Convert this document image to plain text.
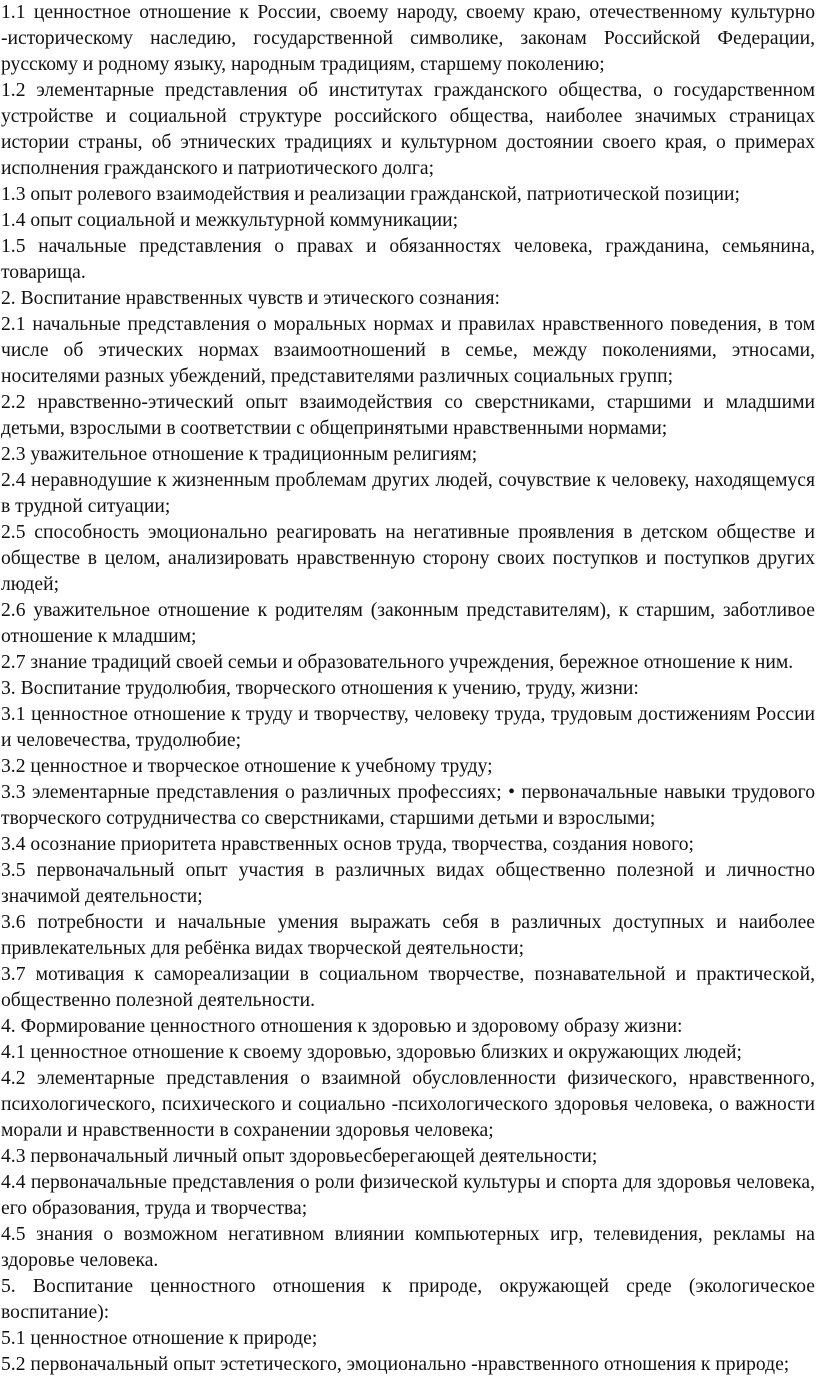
1.1 ценностное отношение к России, своему народу, своему краю, отечественному культурно -историческому наследию, государственной символике, законам Российской Федерации, русскому и родному языку, народным традициям, старшему поколению;

1.2 элементарные представления об институтах гражданского общества, о государственном устройстве и социальной структуре российского общества, наиболее значимых страницах истории страны, об этнических традициях и культурном достоянии своего края, о примерах исполнения гражданского и патриотического долга;

1.3 опыт ролевого взаимодействия и реализации гражданской, патриотической позиции;

1.4 опыт социальной и межкультурной коммуникации;

1.5 начальные представления о правах и обязанностях человека, гражданина, семьянина, товарища.

2. Воспитание нравственных чувств и этического сознания:

2.1 начальные представления о моральных нормах и правилах нравственного поведения, в том числе об этических нормах взаимоотношений в семье, между поколениями, этносами, носителями разных убеждений, представителями различных социальных групп;

2.2 нравственно-этический опыт взаимодействия со сверстниками, старшими и младшими детьми, взрослыми в соответствии с общепринятыми нравственными нормами;

2.3 уважительное отношение к традиционным религиям;

2.4 неравнодушие к жизненным проблемам других людей, сочувствие к человеку, находящемуся в трудной ситуации;

2.5 способность эмоционально реагировать на негативные проявления в детском обществе и обществе в целом, анализировать нравственную сторону своих поступков и поступков других людей;

2.6 уважительное отношение к родителям (законным представителям), к старшим, заботливое отношение к младшим;

2.7 знание традиций своей семьи и образовательного учреждения, бережное отношение к ним.

3. Воспитание трудолюбия, творческого отношения к учению, труду, жизни:

3.1 ценностное отношение к труду и творчеству, человеку труда, трудовым достижениям России и человечества, трудолюбие;

3.2 ценностное и творческое отношение к учебному труду;

3.3 элементарные представления о различных профессиях; • первоначальные навыки трудового творческого сотрудничества со сверстниками, старшими детьми и взрослыми;

3.4 осознание приоритета нравственных основ труда, творчества, создания нового;

3.5 первоначальный опыт участия в различных видах общественно полезной и личностно значимой деятельности;

3.6 потребности и начальные умения выражать себя в различных доступных и наиболее привлекательных для ребёнка видах творческой деятельности;

3.7 мотивация к самореализации в социальном творчестве, познавательной и практической, общественно полезной деятельности.

4. Формирование ценностного отношения к здоровью и здоровому образу жизни:

4.1 ценностное отношение к своему здоровью, здоровью близких и окружающих людей;

4.2 элементарные представления о взаимной обусловленности физического, нравственного, психологического, психического и социально -психологического здоровья человека, о важности морали и нравственности в сохранении здоровья человека;

4.3 первоначальный личный опыт здоровьесберегающей деятельности;

4.4 первоначальные представления о роли физической культуры и спорта для здоровья человека, его образования, труда и творчества;

4.5 знания о возможном негативном влиянии компьютерных игр, телевидения, рекламы на здоровье человека.

5. Воспитание ценностного отношения к природе, окружающей среде (экологическое воспитание):

5.1 ценностное отношение к природе;

5.2 первоначальный опыт эстетического, эмоционально -нравственного отношения к природе;
